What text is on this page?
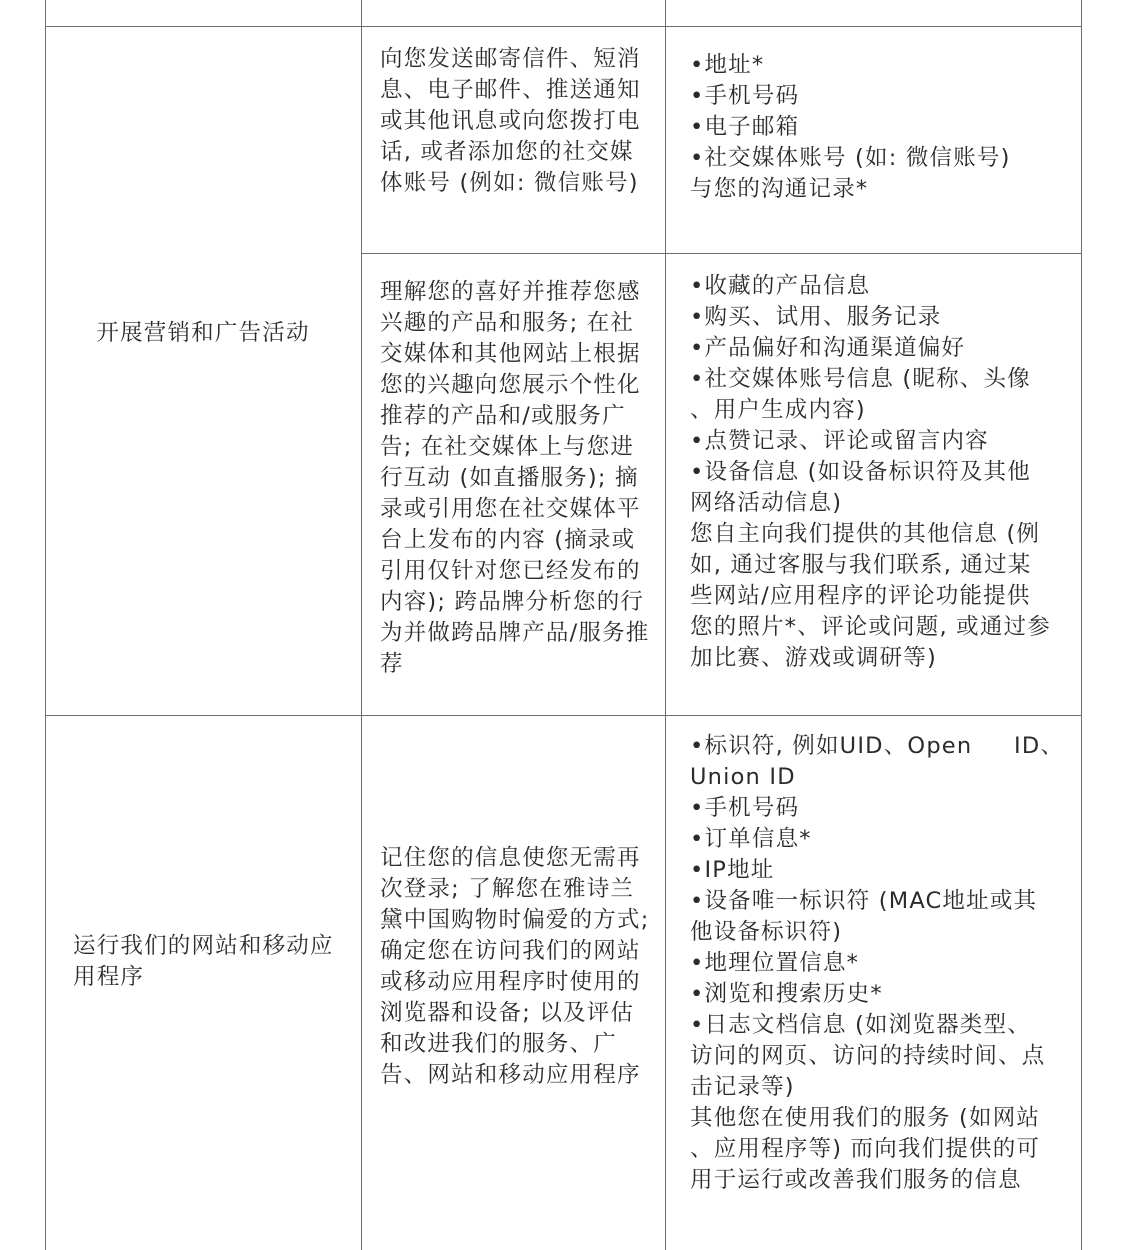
开展营销和广告活动
向您发送邮寄信件、短消息、电子邮件、推送通知或其他讯息或向您拨打电话, 或者添加您的社交媒体账号 (例如: 微信账号)
•地址*
•手机号码
•电子邮箱
•社交媒体账号 (如: 微信账号)
与您的沟通记录*
理解您的喜好并推荐您感兴趣的产品和服务; 在社交媒体和其他网站上根据您的兴趣向您展示个性化推荐的产品和/或服务广告; 在社交媒体上与您进行互动 (如直播服务); 摘录或引用您在社交媒体平台上发布的内容 (摘录或引用仅针对您已经发布的内容); 跨品牌分析您的行为并做跨品牌产品/服务推荐
•收藏的产品信息
•购买、试用、服务记录
•产品偏好和沟通渠道偏好
•社交媒体账号信息 (昵称、头像
、用户生成内容)
•点赞记录、评论或留言内容
•设备信息 (如设备标识符及其他
网络活动信息)
您自主向我们提供的其他信息 (例
如, 通过客服与我们联系, 通过某
些网站/应用程序的评论功能提供
您的照片*、评论或问题, 或通过参
加比赛、游戏或调研等)
运行我们的网站和移动应用程序
记住您的信息使您无需再次登录; 了解您在雅诗兰黛中国购物时偏爱的方式; 确定您在访问我们的网站或移动应用程序时使用的浏览器和设备; 以及评估和改进我们的服务、广告、网站和移动应用程序
•标识符, 例如UID、Open     ID、
Union ID
•手机号码
•订单信息*
•IP地址
•设备唯一标识符 (MAC地址或其
他设备标识符)
•地理位置信息*
•浏览和搜索历史*
•日志文档信息 (如浏览器类型、
访问的网页、访问的持续时间、点
击记录等)
其他您在使用我们的服务 (如网站
、应用程序等) 而向我们提供的可
用于运行或改善我们服务的信息
